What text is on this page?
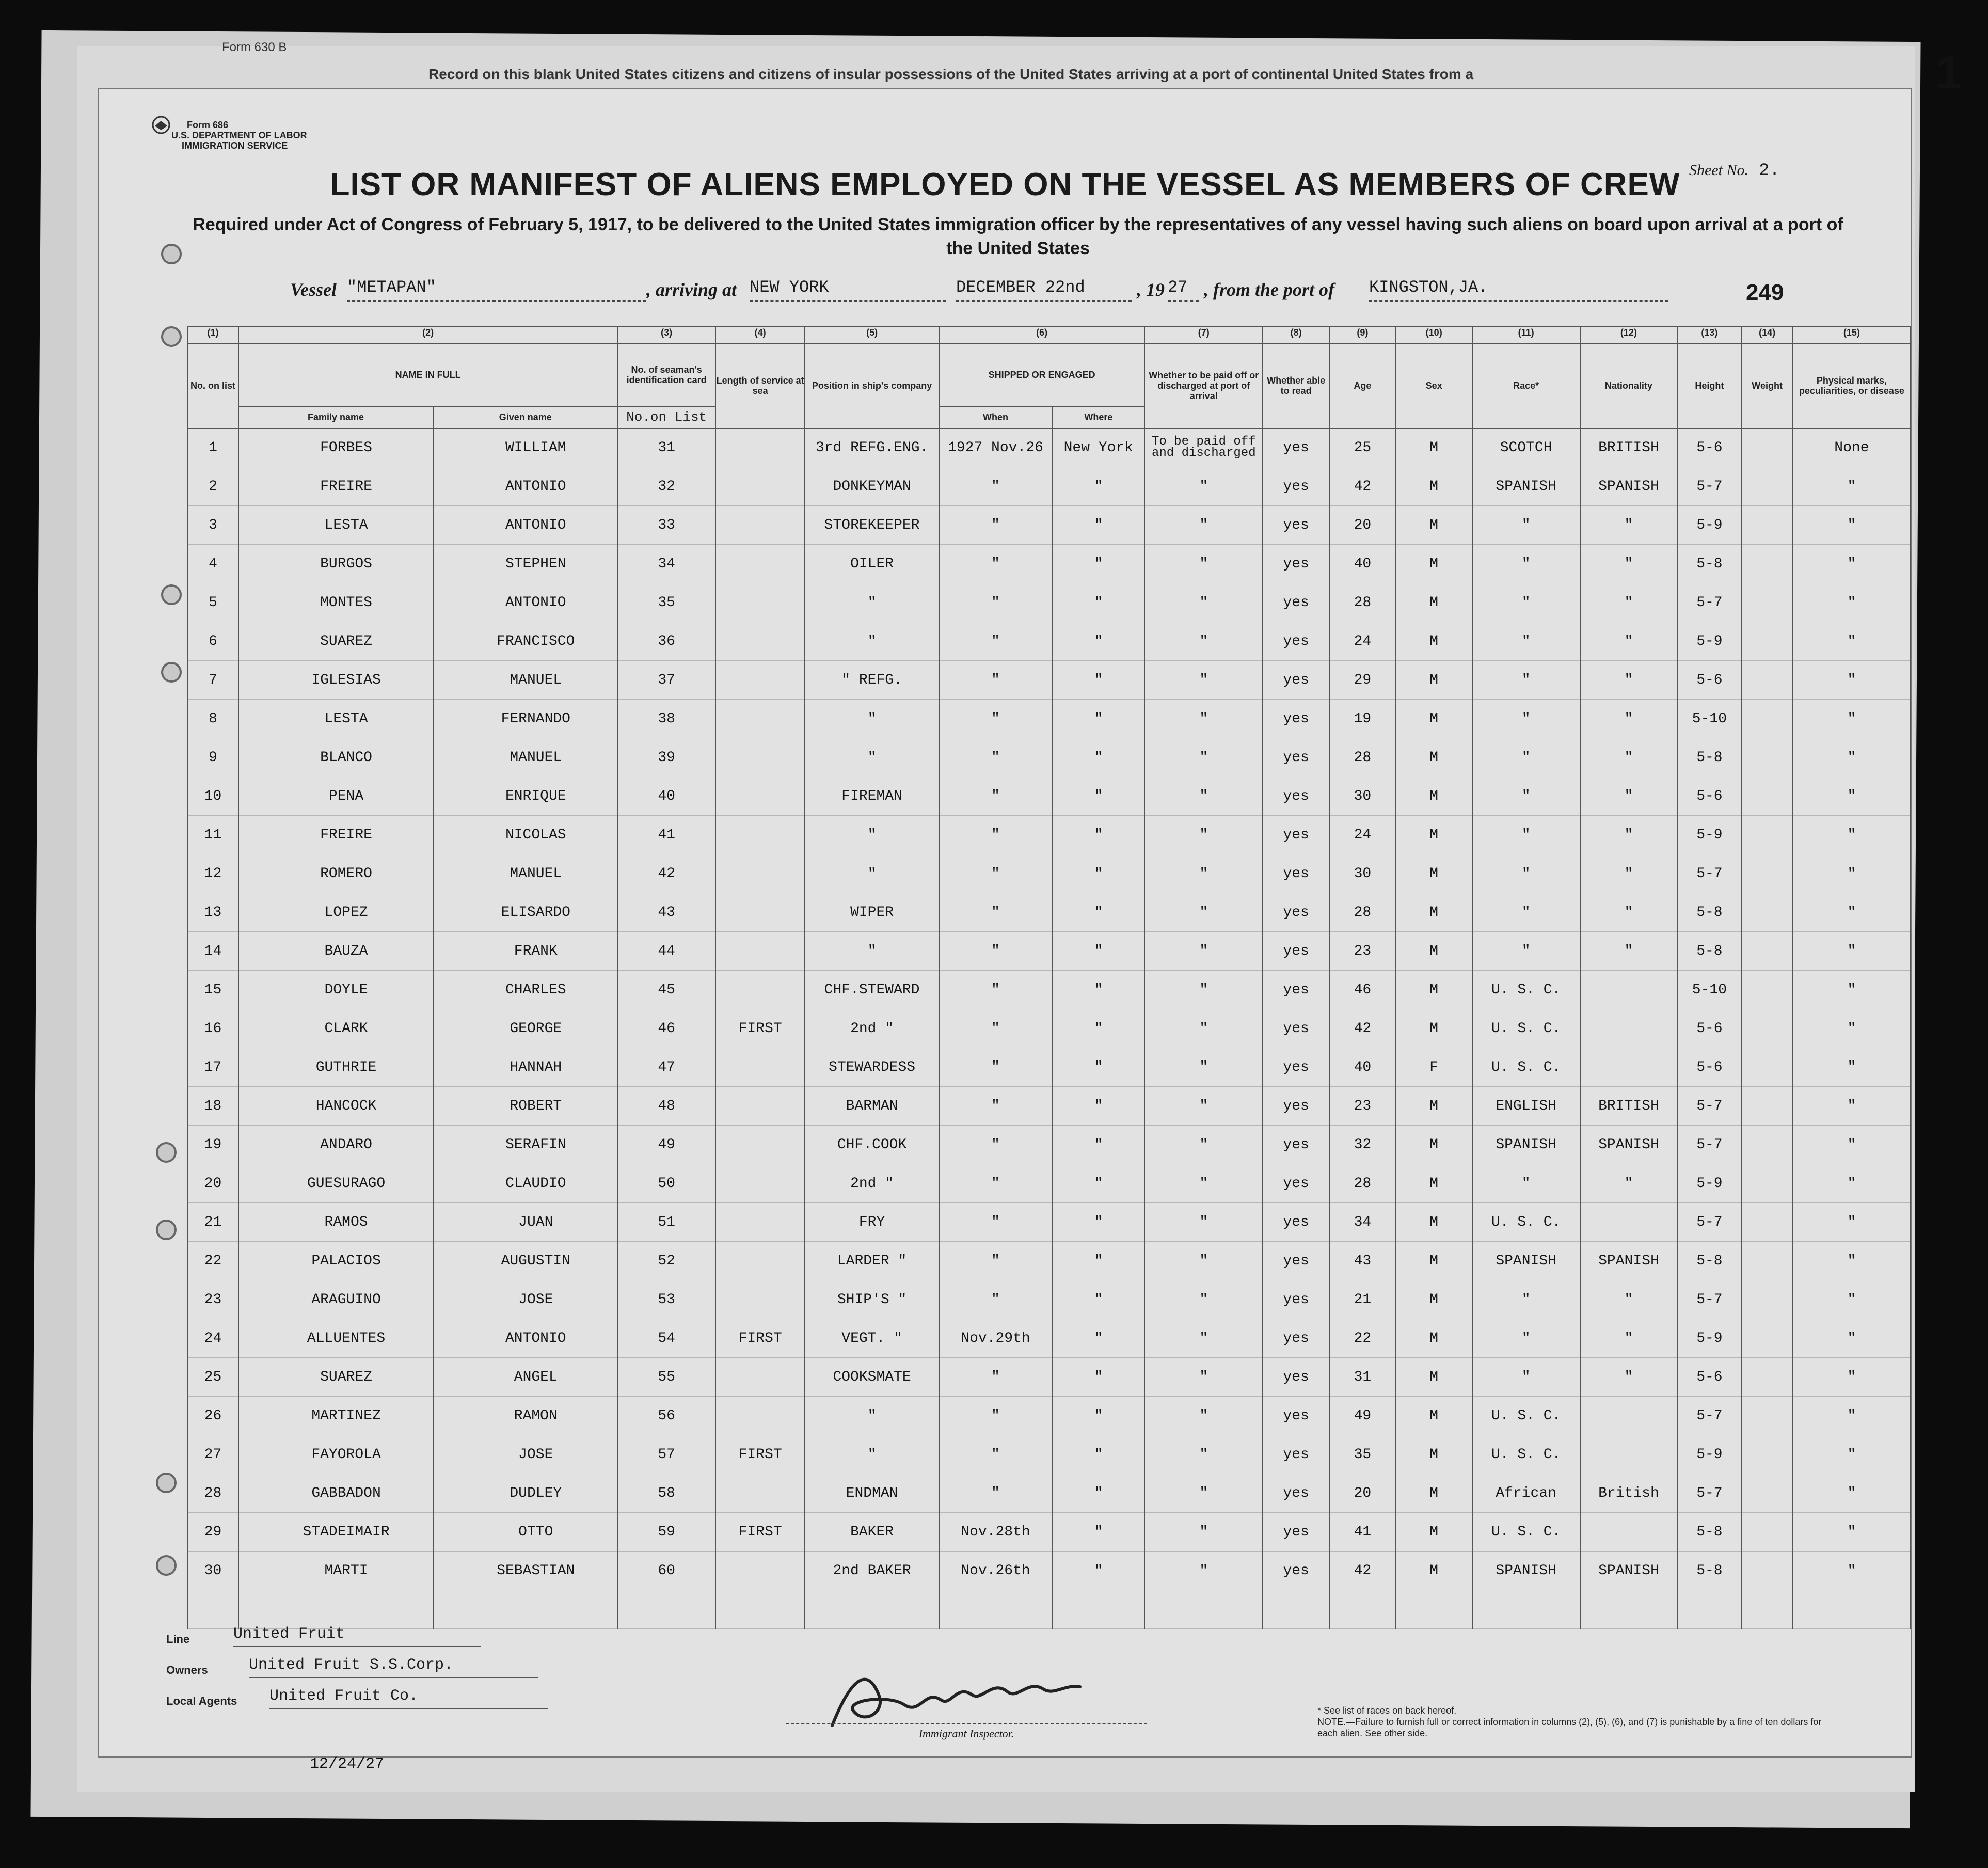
Form 630 B
Record on this blank United States citizens and citizens of insular possessions of the United States arriving at a port of continental United States from a	1
Form 686
U.S. DEPARTMENT OF LABOR
IMMIGRATION SERVICE
LIST OR MANIFEST OF ALIENS EMPLOYED ON THE VESSEL AS MEMBERS OF CREW Sheet No. 2.
Required under Act of Congress of February 5, 1917, to be delivered to the United States immigration officer by the representatives of any vessel having such aliens on board upon arrival at a port of the United States
Vessel "METAPAN"	, arriving at NEW YORK	DECEMBER 22nd	, 19 27 , from the port of KINGSTON,JA.	249
(1)	(2)		(3)	(4)	(5)	(6)		(7)	(8)	(9)	(10)	(11)	(12)	(13)	(14)	(15)
No. on list	NAME IN FULL		No. of seaman's identification card	Length of service at sea	Position in ship's company	SHIPPED OR ENGAGED		Whether to be paid off or discharged at port of arrival	Whether able to read	Age	Sex	Race*	Nationality	Height	Weight	Physical marks, peculiarities, or disease
	Family name	Given name	No.on List			When	Where									
1	FORBES	WILLIAM	31		3rd REFG.ENG.	1927 Nov.26	New York	To be paid off and discharged	yes	25	M	SCOTCH	BRITISH	5-6		None
2	FREIRE	ANTONIO	32		DONKEYMAN	"	"	"	yes	42	M	SPANISH	SPANISH	5-7		"
3	LESTA	ANTONIO	33		STOREKEEPER	"	"	"	yes	20	M	"	"	5-9		"
4	BURGOS	STEPHEN	34		OILER	"	"	"	yes	40	M	"	"	5-8		"
5	MONTES	ANTONIO	35		"	"	"	"	yes	28	M	"	"	5-7		"
6	SUAREZ	FRANCISCO	36		"	"	"	"	yes	24	M	"	"	5-9		"
7	IGLESIAS	MANUEL	37		" REFG.	"	"	"	yes	29	M	"	"	5-6		"
8	LESTA	FERNANDO	38		"	"	"	"	yes	19	M	"	"	5-10		"
9	BLANCO	MANUEL	39		"	"	"	"	yes	28	M	"	"	5-8		"
10	PENA	ENRIQUE	40		FIREMAN	"	"	"	yes	30	M	"	"	5-6		"
11	FREIRE	NICOLAS	41		"	"	"	"	yes	24	M	"	"	5-9		"
12	ROMERO	MANUEL	42		"	"	"	"	yes	30	M	"	"	5-7		"
13	LOPEZ	ELISARDO	43		WIPER	"	"	"	yes	28	M	"	"	5-8		"
14	BAUZA	FRANK	44		"	"	"	"	yes	23	M	"	"	5-8		"
15	DOYLE	CHARLES	45		CHF.STEWARD	"	"	"	yes	46	M	U. S. C.		5-10		"
16	CLARK	GEORGE	46	FIRST	2nd "	"	"	"	yes	42	M	U. S. C.		5-6		"
17	GUTHRIE	HANNAH	47		STEWARDESS	"	"	"	yes	40	F	U. S. C.		5-6		"
18	HANCOCK	ROBERT	48		BARMAN	"	"	"	yes	23	M	ENGLISH	BRITISH	5-7		"
19	ANDARO	SERAFIN	49		CHF.COOK	"	"	"	yes	32	M	SPANISH	SPANISH	5-7		"
20	GUESURAGO	CLAUDIO	50		2nd "	"	"	"	yes	28	M	"	"	5-9		"
21	RAMOS	JUAN	51		FRY	"	"	"	yes	34	M	U. S. C.		5-7		"
22	PALACIOS	AUGUSTIN	52		LARDER "	"	"	"	yes	43	M	SPANISH	SPANISH	5-8		"
23	ARAGUINO	JOSE	53		SHIP'S "	"	"	"	yes	21	M	"	"	5-7		"
24	ALLUENTES	ANTONIO	54	FIRST	VEGT. "	Nov.29th	"	"	yes	22	M	"	"	5-9		"
25	SUAREZ	ANGEL	55		COOKSMATE	"	"	"	yes	31	M	"	"	5-6		"
26	MARTINEZ	RAMON	56		"	"	"	"	yes	49	M	U. S. C.		5-7		"
27	FAYOROLA	JOSE	57	FIRST	"	"	"	"	yes	35	M	U. S. C.		5-9		"
28	GABBADON	DUDLEY	58		ENDMAN	"	"	"	yes	20	M	African	British	5-7		"
29	STADEIMAIR	OTTO	59	FIRST	BAKER	Nov.28th	"	"	yes	41	M	U. S. C.		5-8		"
30	MARTI	SEBASTIAN	60		2nd BAKER	Nov.26th	"	"	yes	42	M	SPANISH	SPANISH	5-8		"

Line	United Fruit
Owners	United Fruit S.S.Corp.
Local Agents United Fruit Co.
Immigrant Inspector.
* See list of races on back hereof.
NOTE.—Failure to furnish full or correct information in columns (2), (5), (6), and (7) is punishable by a fine of ten dollars for each alien. See other side.
12/24/27
